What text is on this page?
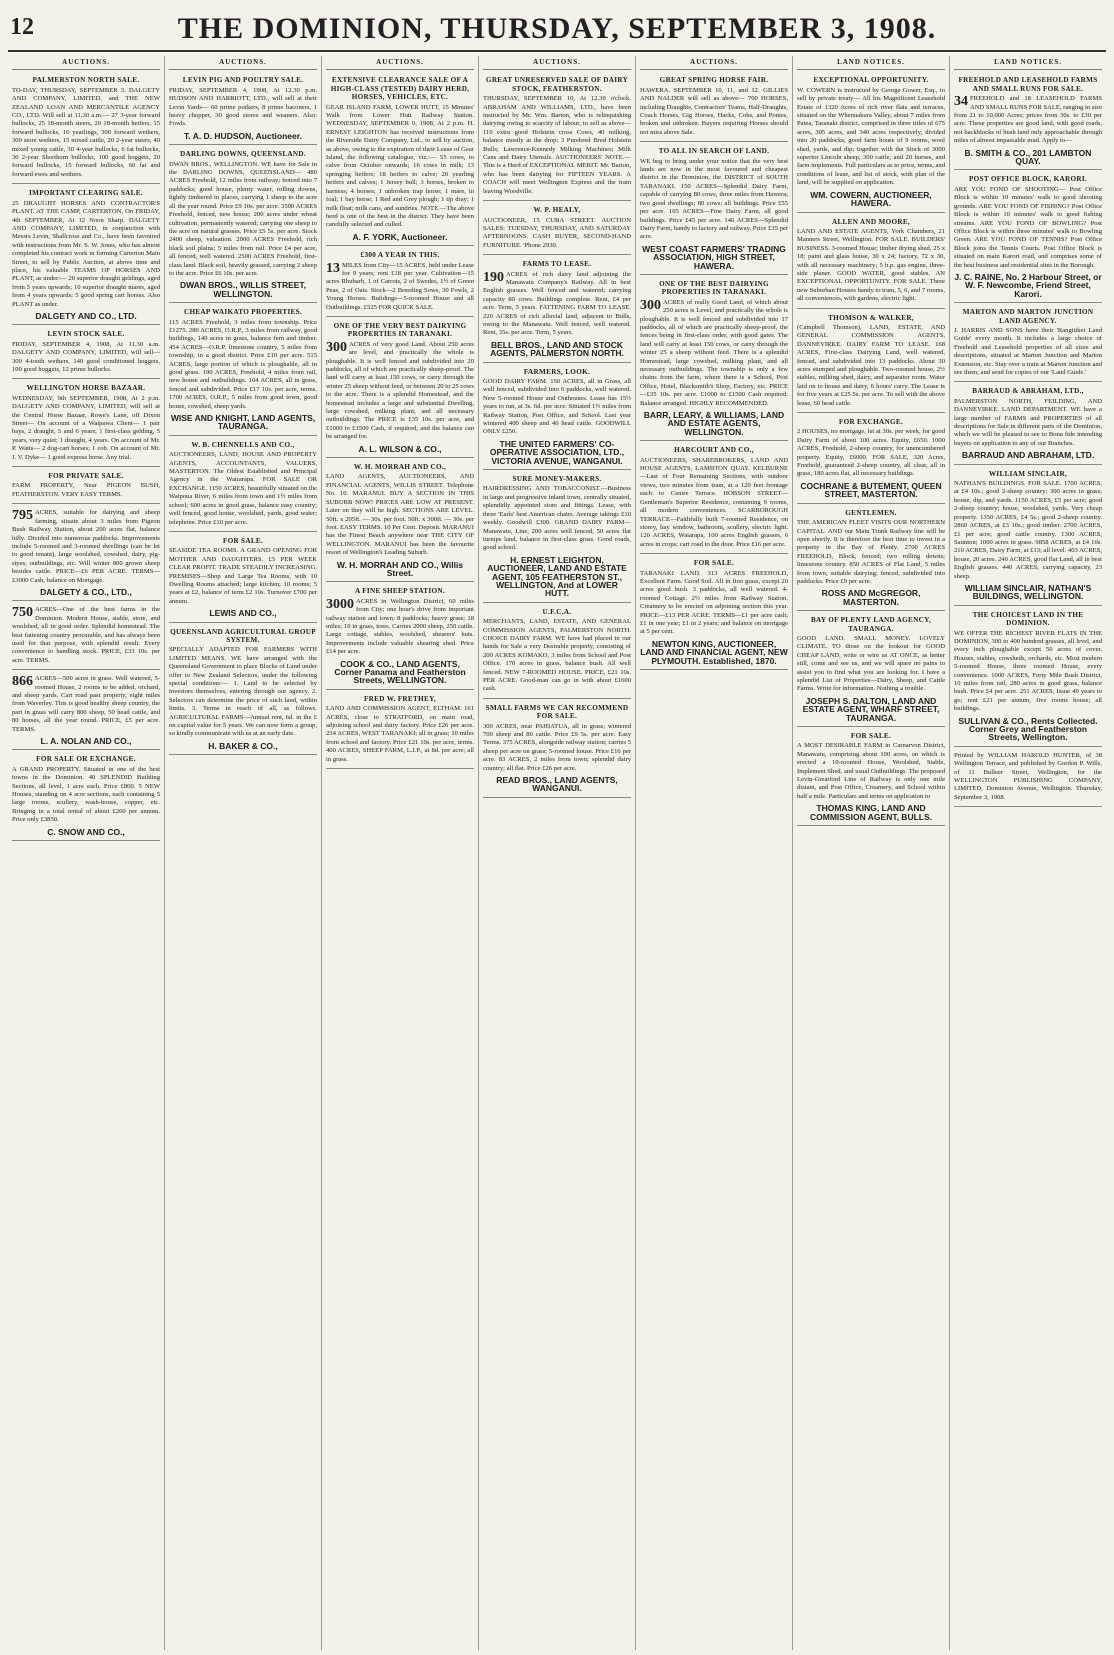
12	THE DOMINION, THURSDAY, SEPTEMBER 3, 1908.
AUCTIONS.
PALMERSTON NORTH SALE.

TO-DAY, THURSDAY, SEPTEMBER 3. DALGETY AND COMPANY, LIMITED, and THE NEW ZEALAND LOAN AND MERCANTILE AGENCY CO., LTD. Will sell at 11.30 a.m.— 27 3-year forward bullocks, 25 18-month steers, 20 18-month heifers, 15 forward bullocks, 16 yearlings, 300 forward wethers, 300 store wethers, 15 mixed cattle, 20 2-year steers, 40 mixed young cattle, 30 4-year bullocks, 6 fat bullocks, 30 2-year Shorthorn bullocks, 100 good hoggets, 20 forward bullocks, 15 forward bullocks, 60 fat and forward ewes and wethers.

IMPORTANT CLEARING SALE.

25 DRAUGHT HORSES AND CONTRACTOR'S PLANT. AT THE CAMP, CARTERTON, On FRIDAY, 4th SEPTEMBER, At 12 Noon Sharp. DALGETY AND COMPANY, LIMITED, in conjunction with Messrs Levin, Shallcross and Co., have been favoured with instructions from Mr. S. W. Jones, who has almost completed his contract work in forming Carterton Main Street, to sell by Public Auction, at above time and place, his valuable TEAMS OF HORSES AND PLANT, as under:— 20 superior draught geldings, aged from 5 years upwards; 10 superior draught mares, aged from 4 years upwards; 5 good spring cart horses. Also PLANT as under.

DALGETY AND CO., LTD.
LEVIN STOCK SALE.

FRIDAY, SEPTEMBER 4, 1908, At 11.30 a.m. DALGETY AND COMPANY, LIMITED, will sell— 300 4-tooth wethers, 140 good conditioned hoggets, 100 good hoggets, 12 prime bullocks.

WELLINGTON HORSE BAZAAR.

WEDNESDAY, 9th SEPTEMBER, 1908, At 2 p.m. DALGETY AND COMPANY, LIMITED, will sell at the Central Horse Bazaar, Rowe's Lane, off Dixon Street— On account of a Waipawa Client— 1 pair bays, 2 draught, 5 and 6 years; 1 first-class gelding, 5 years, very quiet; 1 draught, 4 years. On account of Mr. P. Watts— 2 dog-cart horses; 1 cob. On account of Mr. J. V. Dyke— 1 good express horse. Any trial.

FOR PRIVATE SALE.

FARM PROPERTY, Near PIGEON BUSH, FEATHERSTON. VERY EASY TERMS.

795 ACRES, suitable for dairying and sheep farming, situate about 3 miles from Pigeon Bush Railway Station, about 200 acres flat, balance hilly. Divided into numerous paddocks. Improvements include 5-roomed and 3-roomed dwellings (can be let to good tenant), large woolshed, cowshed, dairy, pig-styes, outbuildings, etc. Will winter 800 grown sheep besides cattle. PRICE—£6 PER ACRE. TERMS—£3000 Cash, balance on Mortgage.

DALGETY & CO., LTD.,

750 ACRES—One of the best farms in the Dominion. Modern House, stable, store, and woolshed, all in good order. Splendid homestead. The best fattening country procurable, and has always been used for that purpose, with splendid result. Every convenience to handling stock. PRICE, £33 10s. per acre. TERMS.

866 ACRES—500 acres in grass. Well watered, 5-roomed House, 2 rooms to be added, orchard, and sheep yards. Cart road past property, eight miles from Waverley. This is good healthy sheep country, the part in grass will carry 800 sheep, 50 head cattle, and 80 horses, all the year round. PRICE, £5 per acre. TERMS.

L. A. NOLAN AND CO.,
FOR SALE OR EXCHANGE.

A GRAND PROPERTY. Situated in one of the best towns in the Dominion. 40 SPLENDID Building Sections, all level, 1 acre each. Price £800. 5 NEW Houses, standing on 4 acre sections, each containing 5 large rooms, scullery, wash-house, copper, etc. Bringing in a total rental of about £260 per annum. Price only £3850.

C. SNOW AND CO.,
AUCTIONS.
LEVIN PIG AND POULTRY SALE.

FRIDAY, SEPTEMBER 4, 1908, At 12.30 p.m. HUDSON AND HARRIOTT, LTD., will sell at their Levin Yards— 60 prime porkers, 8 prime baconers, 1 heavy chopper, 30 good stores and weaners. Also: Fowls.

T. A. D. HUDSON, Auctioneer.
DARLING DOWNS, QUEENSLAND.

DWAN BROS., WELLINGTON. WE have for Sale in the DARLING DOWNS, QUEENSLAND— 480 ACRES Freehold, 12 miles from railway; fenced into 7 paddocks; good house, plenty water, rolling downs, lightly timbered in places, carrying 1 sheep to the acre all the year round. Price £9 10s. per acre. 3500 ACRES Freehold, fenced, new house; 200 acres under wheat cultivation, permanently watered; carrying one sheep to the acre on natural grasses. Price £5 5s. per acre. Stock 2400 sheep, valuation. 2000 ACRES Freehold, rich black soil plains; 5 miles from rail. Price £4 per acre, all fenced, well watered. 2500 ACRES Freehold, first-class land. Black soil, heavily grassed, carrying 2 sheep to the acre. Price £6 10s. per acre.

DWAN BROS., WILLIS STREET, WELLINGTON.
CHEAP WAIKATO PROPERTIES.

115 ACRES Freehold, 3 miles from township. Price £1275. 280 ACRES, O.R.P., 3 miles from railway, good buildings, 140 acres in grass, balance fern and timber. 454 ACRES—O.R.P. limestone country, 5 miles from township, in a good district. Price £10 per acre. 515 ACRES, large portion of which is ploughable, all in good grass. 190 ACRES, Freehold, 4 miles from rail, new house and outbuildings. 104 ACRES, all in grass, fenced and subdivided. Price £17 10s. per acre, terms. 1700 ACRES, O.R.P., 5 miles from good town, good house, cowshed, sheep yards.

WISE AND KNIGHT, LAND AGENTS, TAURANGA.
W. B. CHENNELLS AND CO.,

AUCTIONEERS, LAND, HOUSE AND PROPERTY AGENTS, ACCOUNTANTS, VALUERS, MASTERTON. The Oldest Established and Principal Agency in the Wairarapa. FOR SALE OR EXCHANGE. 1150 ACRES, beautifully situated on the Waipoua River, 6 miles from town and 1½ miles from school; 600 acres in good grass, balance easy country; well fenced, good house, woolshed, yards, good water; telephone. Price £10 per acre.

FOR SALE.

SEASIDE TEA ROOMS. A GRAND OPENING FOR MOTHER AND DAUGHTERS. £5 PER WEEK CLEAR PROFIT. TRADE STEADILY INCREASING. PREMISES—Shop and Large Tea Rooms, with 10 Dwelling Rooms attached; large kitchen; 10 rooms; 5 years at £2, balance of term £2 10s. Turnover £700 per annum.

LEWIS AND CO.,
QUEENSLAND AGRICULTURAL GROUP SYSTEM.

SPECIALLY ADAPTED FOR FARMERS WITH LIMITED MEANS. WE have arranged with the Queensland Government to place Blocks of Land under offer to New Zealand Selectors, under the following special conditions:— 1. Land to be selected by investors themselves, entering through our agency. 2. Selectors can determine the price of such land, within limits. 3. Terms in reach of all, as follows. AGRICULTURAL FARMS—Annual rent, 6d. in the £ on capital value for 5 years. We can now form a group, so kindly communicate with us at an early date.

H. BAKER & CO.,
AUCTIONS.
EXTENSIVE CLEARANCE SALE OF A HIGH-CLASS (TESTED) DAIRY HERD, HORSES, VEHICLES, ETC.

GEAR ISLAND FARM, LOWER HUTT, 15 Minutes' Walk from Lower Hutt Railway Station. WEDNESDAY, SEPTEMBER 9, 1908, At 2 p.m. H. ERNEST LEIGHTON has received instructions from the Riverside Dairy Company, Ltd., to sell by auction, as above, owing to the expiration of their Lease of Gear Island, the following catalogue, viz.:— 55 cows, to calve from October onwards; 16 cows in milk; 13 springing heifers; 18 heifers to calve; 20 yearling heifers and calves; 1 Jersey bull; 3 horses, broken to harness; 4 horses; 1 unbroken trap horse; 1 mare, in foal; 1 bay horse; 1 Red and Grey plough; 1 tip dray; 1 milk float; milk cans, and sundries. NOTE.—The above herd is one of the best in the district. They have been carefully selected and culled.

A. F. YORK, Auctioneer.
£300 A YEAR IN THIS.

13 MILES from City—15 ACRES, held under Lease for 9 years; rent £18 per year. Cultivation—15 acres Rhubarb, 1 of Carrots, 2 of Swedes, 1½ of Green Peas, 2 of Oats. Stock—2 Breeding Sows, 30 Fowls, 2 Young Horses. Buildings—5-roomed House and all Outbuildings. £525 FOR QUICK SALE.

ONE OF THE VERY BEST DAIRYING PROPERTIES IN TARANAKI.

300 ACRES of very good Land. About 250 acres are level, and practically the whole is ploughable. It is well fenced and subdivided into 20 paddocks, all of which are practically sheep-proof. The land will carry at least 150 cows, or carry through the winter 25 sheep without feed, or between 20 to 25 cows to the acre. There is a splendid Homestead, and the homestead includes a large and substantial Dwelling, large cowshed, milking plant, and all necessary outbuildings. The PRICE is £35 10s. per acre, and £1000 to £1500 Cash, if required, and the balance can be arranged for.

A. L. WILSON & CO.,
W. H. MORRAH AND CO.,

LAND AGENTS, AUCTIONEERS, AND FINANCIAL AGENTS, WILLIS STREET. Telephone No. 10. MARANUI. BUY A SECTION IN THIS SUBURB NOW! PRICES ARE LOW AT PRESENT. Later on they will be high. SECTIONS ARE LEVEL. 50ft. x 205ft. — 30s. per foot. 50ft. x 300ft. — 30s. per foot. EASY TERMS. 10 Per Cent. Deposit. MARANUI has the Finest Beach anywhere near THE CITY OF WELLINGTON. MARANUI has been the favourite resort of Wellington's Leading Suburb.

W. H. MORRAH AND CO., Willis Street.
A FINE SHEEP STATION.

3000 ACRES in Wellington District, 60 miles from City; one hour's drive from important railway station and town; 8 paddocks; heavy grass; 18 miles; 10 in grass, trees. Carries 2000 sheep, 250 cattle. Large cottage, stables, woolshed, shearers' huts. Improvements include valuable shearing shed. Price £14 per acre.

COOK & CO., LAND AGENTS, Corner Panama and Featherston Streets, WELLINGTON.
FRED W. FRETHEY,

LAND AND COMMISSION AGENT, ELTHAM. 161 ACRES, close to STRATFORD, on main road, adjoining school and dairy factory. Price £26 per acre. 234 ACRES, WEST TARANAKI; all in grass; 10 miles from school and factory. Price £21 10s. per acre, terms. 400 ACRES, SHEEP FARM, L.I.P., at 8d. per acre; all in grass.

AUCTIONS.
GREAT UNRESERVED SALE OF DAIRY STOCK, FEATHERSTON.

THURSDAY, SEPTEMBER 10, At 12.30 o'clock. ABRAHAM AND WILLIAMS, LTD., have been instructed by Mr. Wm. Barton, who is relinquishing dairying owing to scarcity of labour, to sell as above— 110 extra good Holstein cross Cows, 40 milking, balance mostly at the drop; 3 Purebred Bred Holstein Bulls; Lawrence-Kennedy Milking Machines; Milk Cans and Dairy Utensils. AUCTIONEERS' NOTE.—This is a Herd of EXCEPTIONAL MERIT. Mr. Barton, who has been dairying for FIFTEEN YEARS. A COACH will meet Wellington Express and the train leaving Woodville.

W. P. HEALY,

AUCTIONEER, 15 CUBA STREET. AUCTION SALES: TUESDAY, THURSDAY, AND SATURDAY AFTERNOONS. CASH BUYER, SECOND-HAND FURNITURE. 'Phone 2930.

FARMS TO LEASE.

190 ACRES of rich dairy land adjoining the Manawatu Company's Railway. All in best English grasses. Well fenced and watered; carrying capacity 80 cows. Buildings complete. Rent, £4 per acre. Term, 5 years. FATTENING FARM TO LEASE. 220 ACRES of rich alluvial land, adjacent to Bulls, owing to the Manawatu. Well fenced, well watered. Rent, 35s. per acre. Term, 5 years.

BELL BROS., LAND AND STOCK AGENTS, PALMERSTON NORTH.
FARMERS, LOOK.

GOOD DAIRY FARM. 150 ACRES, all in Grass, all well fenced, subdivided into 6 paddocks, well watered. New 5-roomed House and Outhouses. Lease has 15½ years to run, at 3s. 6d. per acre. Situated 1½ miles from Railway Station, Post Office, and School. Last year wintered 400 sheep and 40 head cattle. GOODWILL ONLY £250.

THE UNITED FARMERS' CO-OPERATIVE ASSOCIATION, LTD., VICTORIA AVENUE, WANGANUI.
SURE MONEY-MAKERS.

HAIRDRESSING AND TOBACCONIST.—Business in large and progressive inland town, centrally situated, splendidly appointed store and fittings. Lease, with three 'Earls' best American chairs. Average takings £10 weekly. Goodwill £300. GRAND DAIRY FARM—Manawatu, Line, 200 acres well fenced, 50 acres flat turnips land, balance in first-class grass. Good roads, good school.

H. ERNEST LEIGHTON, AUCTIONEER, LAND AND ESTATE AGENT, 105 FEATHERSTON ST., WELLINGTON, And at LOWER HUTT.
U.F.C.A.

MERCHANTS, LAND, ESTATE, AND GENERAL COMMISSION AGENTS, PALMERSTON NORTH. CHOICE DAIRY FARM. WE have had placed in our hands for Sale a very Desirable property, consisting of 200 ACRES KOMAKO, 3 miles from School and Post Office. 170 acres in grass, balance bush. All well fenced. NEW 7-ROOMED HOUSE. PRICE, £21 10s. PER ACRE. Good-man can go in with about £1600 cash.

SMALL FARMS WE CAN RECOMMEND FOR SALE.

300 ACRES, near PAHIATUA, all in grass; wintered 700 sheep and 80 cattle. Price £9 5s. per acre. Easy Terms. 375 ACRES, alongside railway station; carries 5 sheep per acre on grass; 5-roomed house. Price £16 per acre. 83 ACRES, 2 miles from town; splendid dairy country; all flat. Price £26 per acre.

READ BROS., LAND AGENTS, WANGANUI.
AUCTIONS.
GREAT SPRING HORSE FAIR.

HAWERA. SEPTEMBER 10, 11, and 12. GILLIES AND NALDER will sell as above— 700 HORSES, including Draughts, Contractors' Teams, Half-Draughts, Coach Horses, Gig Horses, Hacks, Cobs, and Ponies, broken and unbroken. Buyers requiring Horses should not miss above Sale.

TO ALL IN SEARCH OF LAND.

WE beg to bring under your notice that the very best lands are now in the most favoured and cheapest district in the Dominion, the DISTRICT of SOUTH TARANAKI. 150 ACRES—Splendid Dairy Farm, capable of carrying 80 cows, three miles from Hawera; two good dwellings; 80 cows; all buildings. Price £55 per acre. 105 ACRES—Fine Dairy Farm, all good buildings. Price £45 per acre. 146 ACRES—Splendid Dairy Farm, handy to factory and railway. Price £35 per acre.

WEST COAST FARMERS' TRADING ASSOCIATION, HIGH STREET, HAWERA.
ONE OF THE BEST DAIRYING PROPERTIES IN TARANAKI.

300 ACRES of really Good Land, of which about 250 acres is Level, and practically the whole is ploughable. It is well fenced and subdivided into 17 paddocks, all of which are practically sheep-proof, the fences being in first-class order, with good gates. The land will carry at least 150 cows, or carry through the winter 25 a sheep without feed. There is a splendid Homestead, large cowshed, milking plant, and all necessary outbuildings. The township is only a few chains from the farm, where there is a School, Post Office, Hotel, Blacksmith's Shop, Factory, etc. PRICE—£35 10s. per acre. £1000 to £1500 Cash required. Balance arranged. HIGHLY RECOMMENDED.

BARR, LEARY, & WILLIAMS, LAND AND ESTATE AGENTS, WELLINGTON.
HARCOURT AND CO.,

AUCTIONEERS, SHAREBROKERS, LAND AND HOUSE AGENTS, LAMBTON QUAY. KELBURNE—Last of Four Remaining Sections, with outdoor views, two minutes from tram, at a 120 feet frontage each to Centre Terrace. HOBSON STREET—Gentleman's Superior Residence, containing 9 rooms, all modern conveniences. SCARBOROUGH TERRACE—Faithfully built 7-roomed Residence, on storey, bay window, bathroom, scullery, electric light. 120 ACRES, Waiarapa, 100 acres English grasses, 6 acres in crops; cart road to the door. Price £16 per acre.

FOR SALE.

TARANAKI LAND. 313 ACRES FREEHOLD, Excellent Farm. Good Soil. All in first grass, except 20 acres good bush. 3 paddocks, all well watered. 4-roomed Cottage. 2½ miles from Railway Station. Creamery to be erected on adjoining section this year. PRICE—£13 PER ACRE. TERMS—£1 per acre cash; £1 in one year; £1 in 2 years; and balance on mortgage at 5 per cent.

NEWTON KING, AUCTIONEER, LAND AND FINANCIAL AGENT, NEW PLYMOUTH. Established, 1870.
LAND NOTICES.
EXCEPTIONAL OPPORTUNITY.

W. COWERN is instructed by George Gower, Esq., to sell by private treaty— All his Magnificent Leasehold Estate of 1320 Acres of rich river flats and terraces, situated on the Whenuakura Valley, about 7 miles from Patea, Taranaki district, comprised in three titles of 675 acres, 305 acres, and 340 acres respectively, divided into 20 paddocks; good farm house of 9 rooms, wool shed, yards, and dip; together with the Stock of 3000 superior Lincoln sheep, 300 cattle, and 20 horses, and farm implements. Full particulars as to price, terms, and conditions of lease, and list of stock, with plan of the land, will be supplied on application.

WM. COWERN, AUCTIONEER, HAWERA.
ALLEN AND MOORE,

LAND AND ESTATE AGENTS, York Chambers, 21 Manners Street, Wellington. FOR SALE. BUILDERS' BUSINESS. 3-roomed House; timber drying shed, 25 x 18; paint and glass house, 30 x 24; factory, 72 x 30, with all necessary machinery; 5 h.p. gas engine, three-side planer. GOOD WATER, good stables. AN EXCEPTIONAL OPPORTUNITY. FOR SALE. Three new Suburban Houses handy to tram, 5, 6, and 7 rooms, all conveniences, with gardens, electric light.

THOMSON & WALKER,

(Campbell Thomson), LAND, ESTATE, AND GENERAL COMMISSION AGENTS, DANNEVIRKE. DAIRY FARM TO LEASE. 168 ACRES, First-class Dairying Land, well watered, fenced, and subdivided into 13 paddocks. About 30 acres stumped and ploughable. Two-roomed house, 2½ stables, milking shed, dairy, and separator room. Water laid on to house and dairy, 6 hours' carry. The Lease is for five years at £25 5s. per acre. To sell with the above lease, 60 head cattle.

FOR EXCHANGE.

2 HOUSES, no mortgage, let at 30s. per week, for good Dairy Farm of about 100 acres. Equity, £650. 1000 ACRES, Freehold, 2-sheep country, for unencumbered property. Equity, £6000. FOR SALE, 320 Acres, Freehold, guaranteed 2-sheep country, all clear, all in grass, 180 acres flat, all necessary buildings.

COCHRANE & BUTEMENT, QUEEN STREET, MASTERTON.
GENTLEMEN.

THE AMERICAN FLEET VISITS OUR NORTHERN CAPITAL. AND our Main Trunk Railway line will be open shortly. It is therefore the best time to invest in a property in the Bay of Plenty. 2700 ACRES FREEHOLD, Block, fenced; two rolling downs; limestone country. 850 ACRES of Flat Land, 5 miles from town, suitable dairying; fenced, subdivided into paddocks. Price £9 per acre.

ROSS AND McGREGOR, MASTERTON.
BAY OF PLENTY LAND AGENCY, TAURANGA.

GOOD LAND. SMALL MONEY. LOVELY CLIMATE. TO those on the lookout for GOOD CHEAP LAND, write or wire us AT ONCE, as better still, come and see us, and we will spare no pains to assist you to find what you are looking for. I have a splendid List of Properties—Dairy, Sheep, and Cattle Farms. Write for information. Nothing a trouble.

JOSEPH S. DALTON, LAND AND ESTATE AGENT, WHARF STREET, TAURANGA.
FOR SALE.

A MOST DESIRABLE FARM in Carnarvon District, Manawatu, comprising about 100 acres, on which is erected a 10-roomed House, Woolshed, Stable, Implement Shed, and usual Outbuildings. The proposed Levin-Greatford Line of Railway is only one mile distant, and Post Office, Creamery, and School within half a mile. Particulars and terms on application to

THOMAS KING, LAND AND COMMISSION AGENT, BULLS.
LAND NOTICES.
FREEHOLD AND LEASEHOLD FARMS AND SMALL RUNS FOR SALE.

34 FREEHOLD and 18 LEASEHOLD FARMS AND SMALL RUNS FOR SALE, ranging in size from 21 to 10,000 Acres; prices from 30s. to £30 per acre. These properties are good land, with good roads, not backblocks of bush land only approachable through miles of almost impassable mud. Apply to—

B. SMITH & CO., 201 LAMBTON QUAY.
POST OFFICE BLOCK, KARORI.

ARE YOU FOND OF SHOOTING— Post Office Block is within 10 minutes' walk to good shooting grounds. ARE YOU FOND OF FISHING? Post Office Block is within 10 minutes' walk to good fishing streams. ARE YOU FOND OF BOWLING? Post Office Block is within three minutes' walk to Bowling Green. ARE YOU FOND OF TENNIS? Post Office Block joins the Tennis Courts. Post Office Block is situated on main Karori road, and comprises some of the best business and residential sites in the Borough.

J. C. RAINE, No. 2 Harbour Street, or W. F. Newcombe, Friend Street, Karori.
MARTON AND MARTON JUNCTION LAND AGENCY.

J. HARRIS AND SONS have their 'Rangitikei Land Guide' every month. It includes a large choice of Freehold and Leasehold properties of all sizes and descriptions, situated at Marton Junction and Marton Extension, etc. Stay over a train at Marton Junction and see them, and send for copies of our 'Land Guide.'

BARRAUD & ABRAHAM, LTD.,

PALMERSTON NORTH, FEILDING, AND DANNEVIRKE. LAND DEPARTMENT. WE have a large number of FARMS and PROPERTIES of all descriptions for Sale in different parts of the Dominion, which we will be pleased to see to Bona fide intending buyers on application to any of our Branches.

BARRAUD AND ABRAHAM, LTD.
WILLIAM SINCLAIR,

NATHAN'S BUILDINGS. FOR SALE. 1700 ACRES, at £4 10s.; good 2-sheep country; 300 acres in grass; house, dip, and yards. 1150 ACRES, £5 per acre; good 2-sheep country; house, woolshed, yards. Very cheap property. 1350 ACRES, £4 5s.; good 2-sheep country. 2860 ACRES, at £3 10s.; good timber. 2700 ACRES, £1 per acre; good cattle country. 1300 ACRES, Saunton; 1000 acres in grass. 9858 ACRES, at £4 10s. 210 ACRES, Dairy Farm, at £13; all level. 403 ACRES, house, 20 acres. 240 ACRES, good flat Land, all in best English grasses. 440 ACRES; carrying capacity, 23 sheep.

WILLIAM SINCLAIR, NATHAN'S BUILDINGS, WELLINGTON.
THE CHOICEST LAND IN THE DOMINION.

WE OFFER THE RICHEST RIVER FLATS IN THE DOMINION, 300 to 400 hundred grasses, all level, and every inch ploughable except 50 acres of cover. Houses, stables, cowsheds, orchards, etc. Most modern 5-roomed House, three roomed House, every convenience. 1000 ACRES, Forty Mile Bush District, 10 miles from rail, 280 acres in good grass, balance bush. Price £4 per acre. 251 ACRES, Issue 40 years to go; rent £21 per annum, five rooms house; all buildings.

SULLIVAN & CO., Rents Collected. Corner Grey and Featherston Streets, Wellington.

Printed by WILLIAM HAROLD HUNTER, of 38 Wellington Terrace, and published by Gordon P. Wills, of 11 Bulleer Street, Wellington, for the WELLINGTON PUBLISHING COMPANY, LIMITED, Dominion Avenue, Wellington. Thursday, September 3, 1908.
